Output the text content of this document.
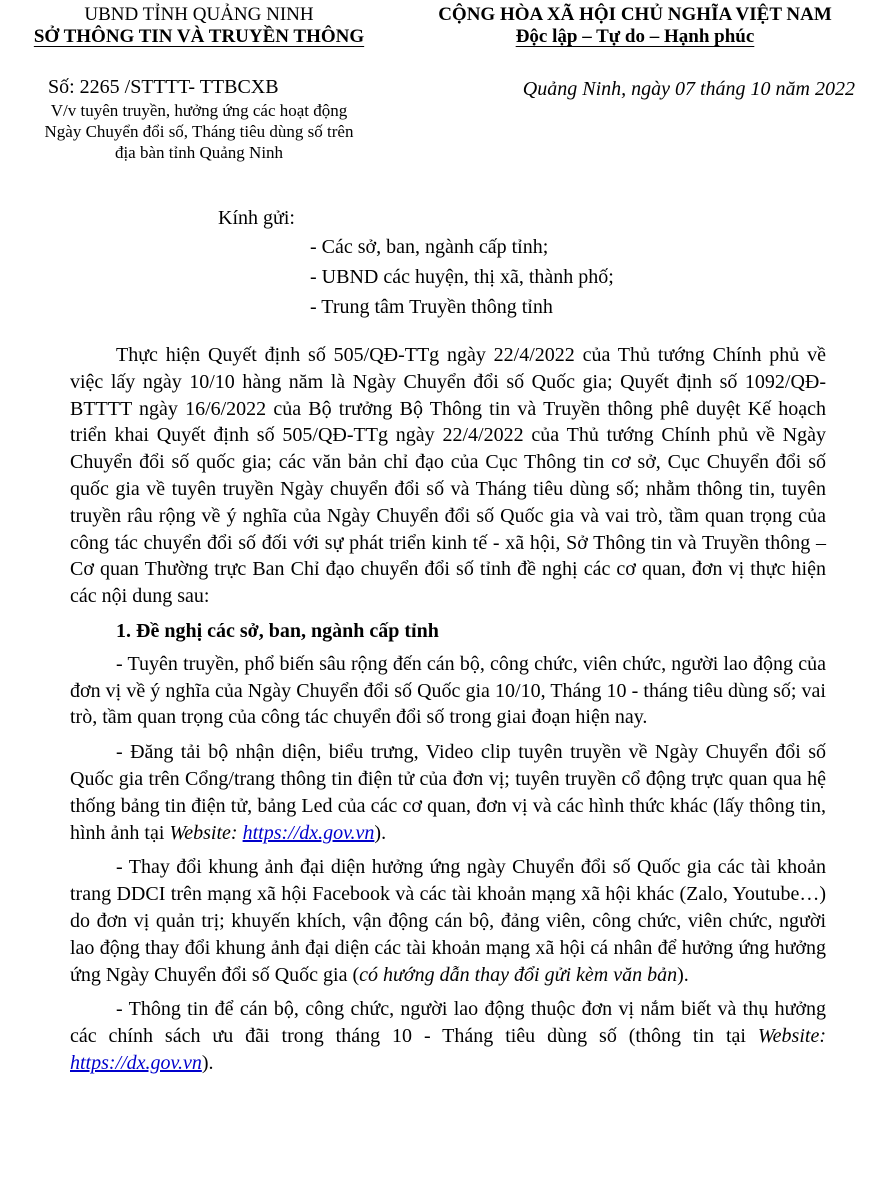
UBND TỈNH QUẢNG NINH
SỞ THÔNG TIN VÀ TRUYỀN THÔNG
CỘNG HÒA XÃ HỘI CHỦ NGHĨA VIỆT NAM
Độc lập – Tự do – Hạnh phúc
Số: 2265 /STTTT- TTBCXB
V/v tuyên truyền, hưởng ứng các hoạt động
Ngày Chuyển đổi số, Tháng tiêu dùng số trên
địa bàn tỉnh Quảng Ninh
Quảng Ninh, ngày 07 tháng 10 năm 2022
Kính gửi:
- Các sở, ban, ngành cấp tỉnh;
- UBND các huyện, thị xã, thành phố;
- Trung tâm Truyền thông tỉnh

Thực hiện Quyết định số 505/QĐ-TTg ngày 22/4/2022 của Thủ tướng Chính phủ về việc lấy ngày 10/10 hàng năm là Ngày Chuyển đổi số Quốc gia; Quyết định số 1092/QĐ-BTTTT ngày 16/6/2022 của Bộ trưởng Bộ Thông tin và Truyền thông phê duyệt Kế hoạch triển khai Quyết định số 505/QĐ-TTg ngày 22/4/2022 của Thủ tướng Chính phủ về Ngày Chuyển đổi số quốc gia; các văn bản chỉ đạo của Cục Thông tin cơ sở, Cục Chuyển đổi số quốc gia về tuyên truyền Ngày chuyển đổi số và Tháng tiêu dùng số; nhằm thông tin, tuyên truyền râu rộng về ý nghĩa của Ngày Chuyển đổi số Quốc gia và vai trò, tầm quan trọng của công tác chuyển đổi số đối với sự phát triển kinh tế - xã hội, Sở Thông tin và Truyền thông – Cơ quan Thường trực Ban Chỉ đạo chuyển đổi số tỉnh đề nghị các cơ quan, đơn vị thực hiện các nội dung sau:

1. Đề nghị các sở, ban, ngành cấp tỉnh

- Tuyên truyền, phổ biến sâu rộng đến cán bộ, công chức, viên chức, người lao động của đơn vị về ý nghĩa của Ngày Chuyển đổi số Quốc gia 10/10, Tháng 10 - tháng tiêu dùng số; vai trò, tầm quan trọng của công tác chuyển đổi số trong giai đoạn hiện nay.

- Đăng tải bộ nhận diện, biểu trưng, Video clip tuyên truyền về Ngày Chuyển đổi số Quốc gia trên Cổng/trang thông tin điện tử của đơn vị; tuyên truyền cổ động trực quan qua hệ thống bảng tin điện tử, bảng Led của các cơ quan, đơn vị và các hình thức khác (lấy thông tin, hình ảnh tại Website: https://dx.gov.vn).

- Thay đổi khung ảnh đại diện hưởng ứng ngày Chuyển đổi số Quốc gia các tài khoản trang DDCI trên mạng xã hội Facebook và các tài khoản mạng xã hội khác (Zalo, Youtube…) do đơn vị quản trị; khuyến khích, vận động cán bộ, đảng viên, công chức, viên chức, người lao động thay đổi khung ảnh đại diện các tài khoản mạng xã hội cá nhân để hưởng ứng hưởng ứng Ngày Chuyển đổi số Quốc gia (có hướng dẫn thay đổi gửi kèm văn bản).

- Thông tin để cán bộ, công chức, người lao động thuộc đơn vị nắm biết và thụ hưởng các chính sách ưu đãi trong tháng 10 - Tháng tiêu dùng số (thông tin tại Website: https://dx.gov.vn).
